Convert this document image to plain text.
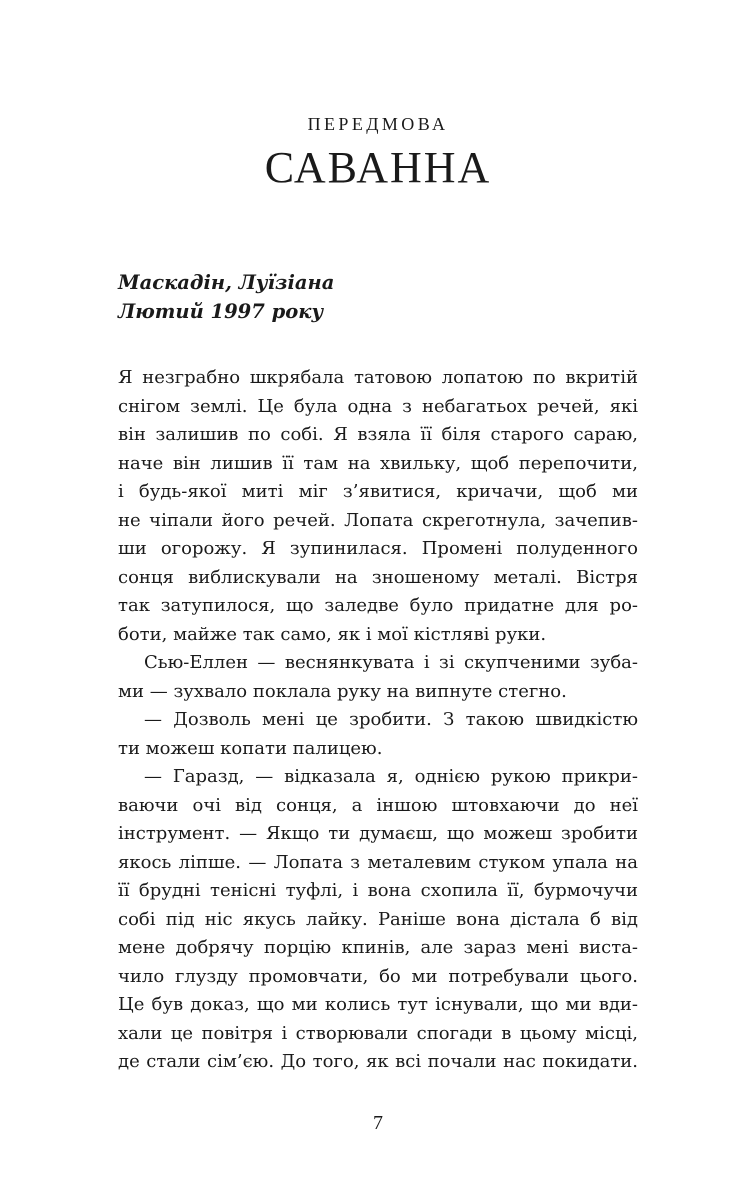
ПЕРЕДМОВА
САВАННА
Маскадін, Луїзіана
Лютий 1997 року
Я незграбно шкрябала татовою лопатою по вкритій
снігом землі. Це була одна з небагатьох речей, які
він залишив по собі. Я взяла її біля старого сараю,
наче він лишив її там на хвильку, щоб перепочити,
і будь-якої миті міг з’явитися, кричачи, щоб ми
не чіпали його речей. Лопата скреготнула, зачепив-
ши огорожу. Я зупинилася. Промені полуденного
сонця виблискували на зношеному металі. Вістря
так затупилося, що заледве було придатне для ро-
боти, майже так само, як і мої кістляві руки.
Сью-Еллен — веснянкувата і зі скупченими зуба-
ми — зухвало поклала руку на випнуте стегно.
— Дозволь мені це зробити. З такою швидкістю
ти можеш копати палицею.
— Гаразд, — відказала я, однією рукою прикри-
ваючи очі від сонця, а іншою штовхаючи до неї
інструмент. — Якщо ти думаєш, що можеш зробити
якось ліпше. — Лопата з металевим стуком упала на
її брудні тенісні туфлі, і вона схопила її, бурмочучи
собі під ніс якусь лайку. Раніше вона дістала б від
мене добрячу порцію кпинів, але зараз мені виста-
чило глузду промовчати, бо ми потребували цього.
Це був доказ, що ми колись тут існували, що ми вди-
хали це повітря і створювали спогади в цьому місці,
де стали сім’єю. До того, як всі почали нас покидати.
7
